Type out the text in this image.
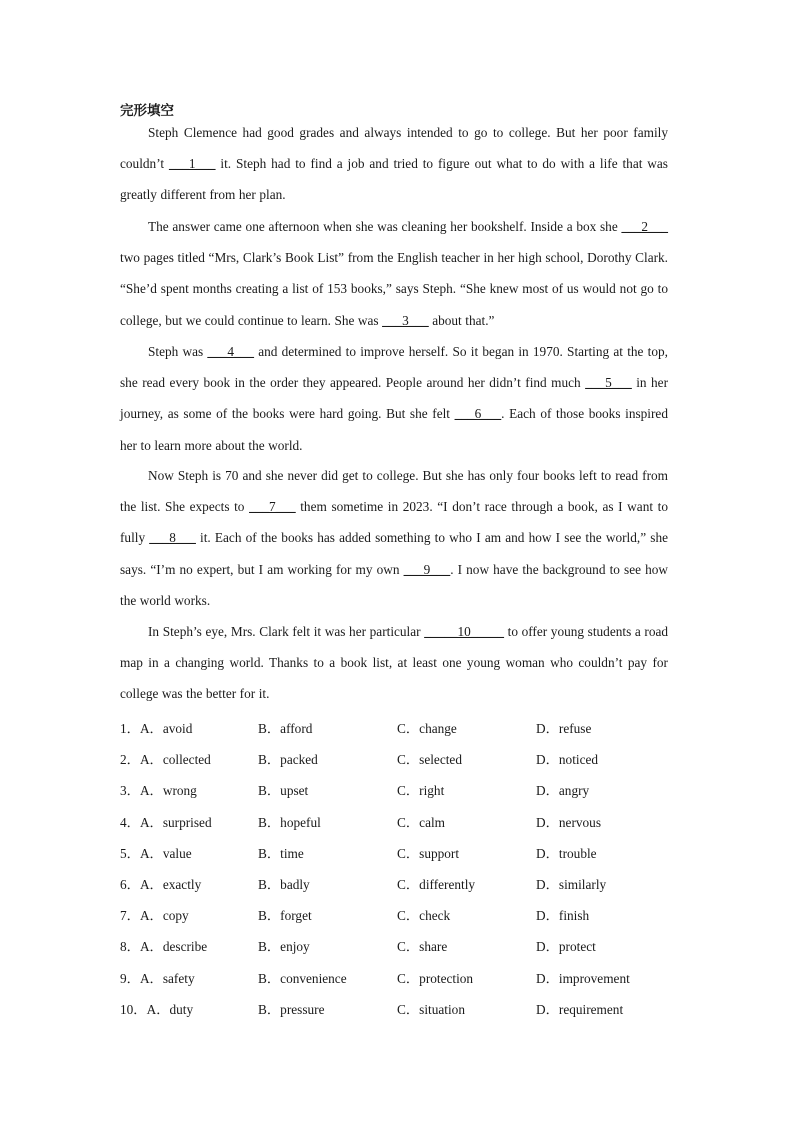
完形填空

Steph Clemence had good grades and always intended to go to college. But her poor family couldn’t ___1___ it. Steph had to find a job and tried to figure out what to do with a life that was greatly different from her plan.

The answer came one afternoon when she was cleaning her bookshelf. Inside a box she ___2___ two pages titled “Mrs, Clark’s Book List” from the English teacher in her high school, Dorothy Clark. “She’d spent months creating a list of 153 books,” says Steph. “She knew most of us would not go to college, but we could continue to learn. She was ___3___ about that.”

Steph was ___4___ and determined to improve herself. So it began in 1970. Starting at the top, she read every book in the order they appeared. People around her didn’t find much ___5___ in her journey, as some of the books were hard going. But she felt ___6___. Each of those books inspired her to learn more about the world.

Now Steph is 70 and she never did get to college. But she has only four books left to read from the list. She expects to ___7___ them sometime in 2023. “I don’t race through a book, as I want to fully ___8___ it. Each of the books has added something to who I am and how I see the world,” she says. “I’m no expert, but I am working for my own ___9___. I now have the background to see how the world works.

In Steph’s eye, Mrs. Clark felt it was her particular _____10_____ to offer young students a road map in a changing world. Thanks to a book list, at least one young woman who couldn’t pay for college was the better for it.

1．A．avoid	B．afford	C．change	D．refuse
2．A．collected	B．packed	C．selected	D．noticed
3．A．wrong	B．upset	C．right	D．angry
4．A．surprised	B．hopeful	C．calm	D．nervous
5．A．value	B．time	C．support	D．trouble
6．A．exactly	B．badly	C．differently	D．similarly
7．A．copy	B．forget	C．check	D．finish
8．A．describe	B．enjoy	C．share	D．protect
9．A．safety	B．convenience	C．protection	D．improvement
10．A．duty	B．pressure	C．situation	D．requirement
